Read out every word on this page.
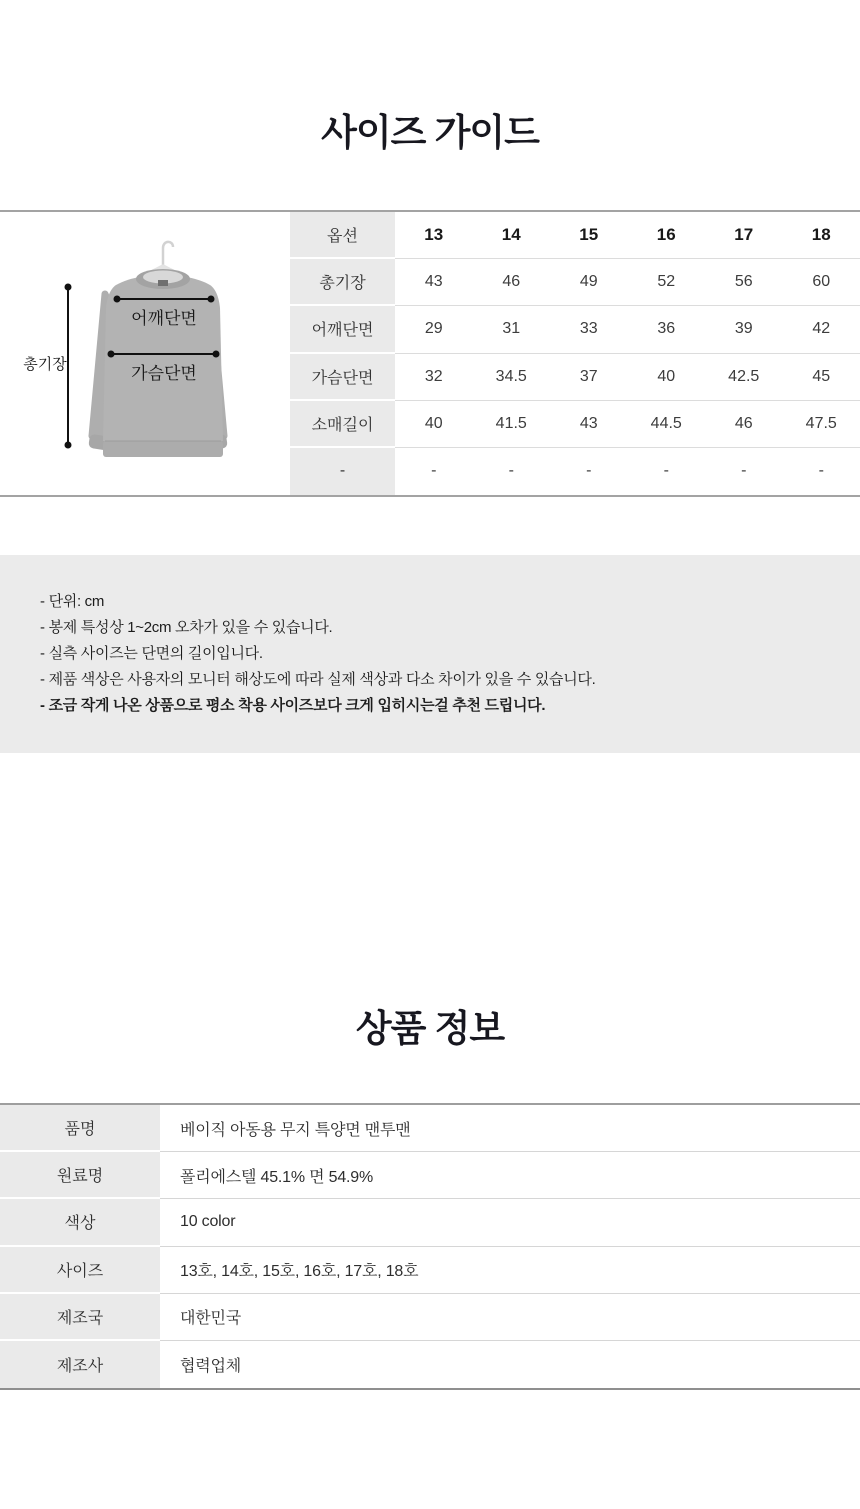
사이즈 가이드
총기장
어깨단면
가슴단면
옵션	13	14	15	16	17	18
총기장	43	46	49	52	56	60
어깨단면	29	31	33	36	39	42
가슴단면	32	34.5	37	40	42.5	45
소매길이	40	41.5	43	44.5	46	47.5
-	-	-	-	-	-	-
- 단위: cm
- 봉제 특성상 1~2cm 오차가 있을 수 있습니다.
- 실측 사이즈는 단면의 길이입니다.
- 제품 색상은 사용자의 모니터 해상도에 따라 실제 색상과 다소 차이가 있을 수 있습니다.
- 조금 작게 나온 상품으로 평소 착용 사이즈보다 크게 입히시는걸 추천 드립니다.
상품 정보
품명	베이직 아동용 무지 특양면 맨투맨
원료명	폴리에스텔 45.1% 면 54.9%
색상	10 color
사이즈	13호, 14호, 15호, 16호, 17호, 18호
제조국	대한민국
제조사	협력업체
